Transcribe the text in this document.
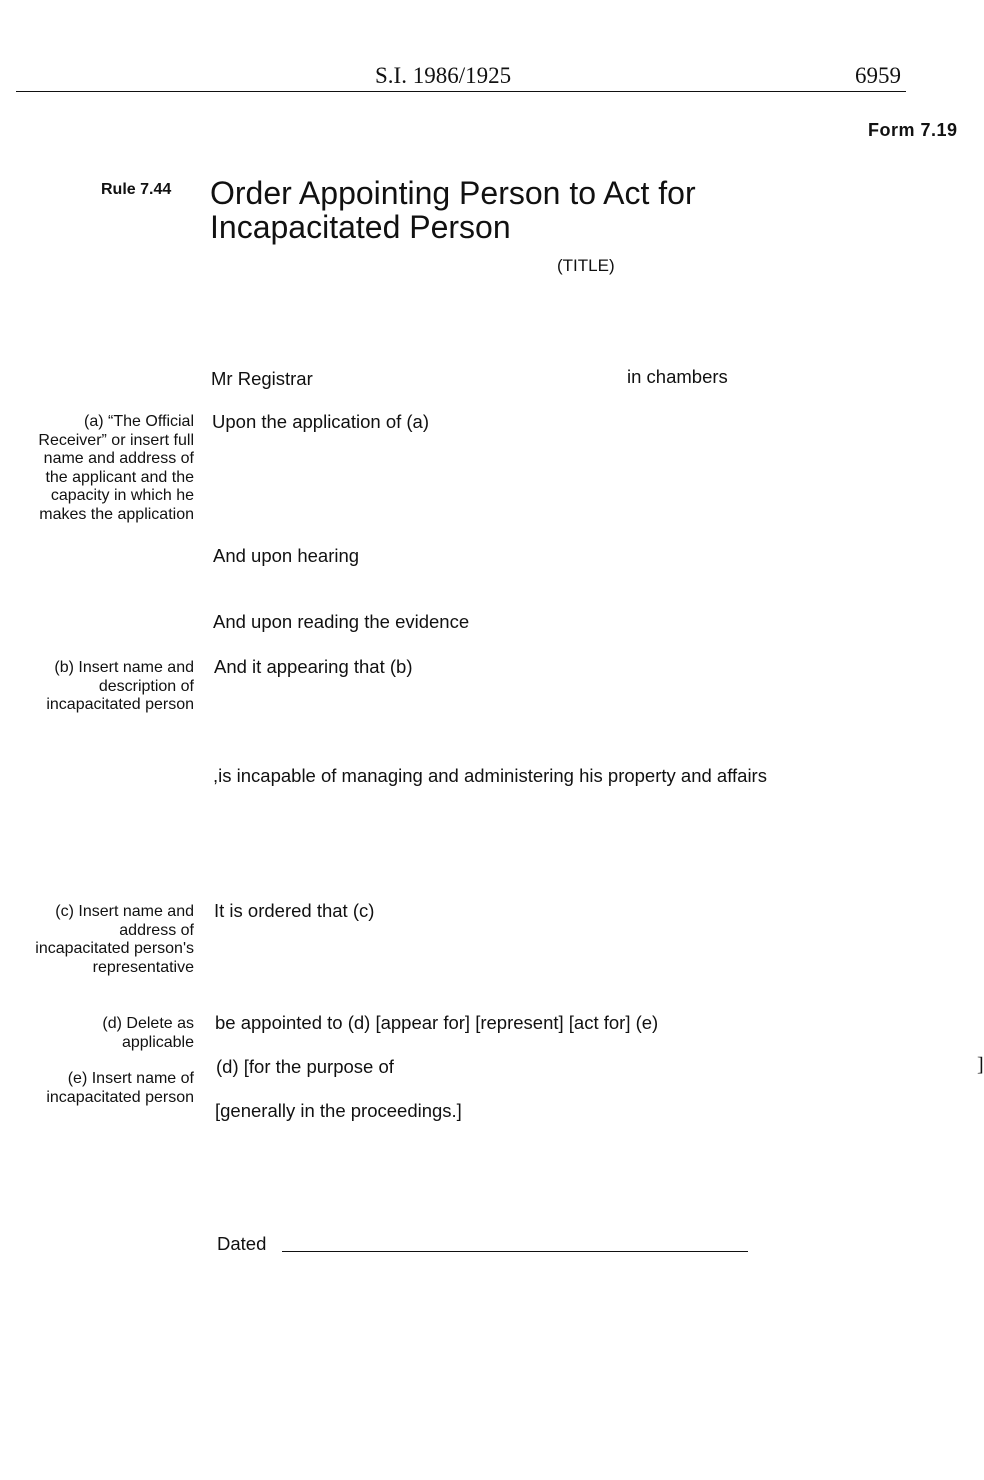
S.I. 1986/1925	6959
Form 7.19
Rule 7.44 Order Appointing Person to Act for Incapacitated Person
(TITLE)
Mr Registrar	in chambers
(a) “The Official
Receiver” or insert full
name and address of
the applicant and the
capacity in which he
makes the application
Upon the application of (a)
And upon hearing
And upon reading the evidence
(b) Insert name and
description of
incapacitated person
And it appearing that (b)
,is incapable of managing and administering his property and affairs
(c) Insert name and
address of
incapacitated person's
representative
It is ordered that (c)
(d) Delete as
applicable
(e) Insert name of
incapacitated person
be appointed to (d) [appear for] [represent] [act for] (e)
(d) [for the purpose of	]
[generally in the proceedings.]
Dated
